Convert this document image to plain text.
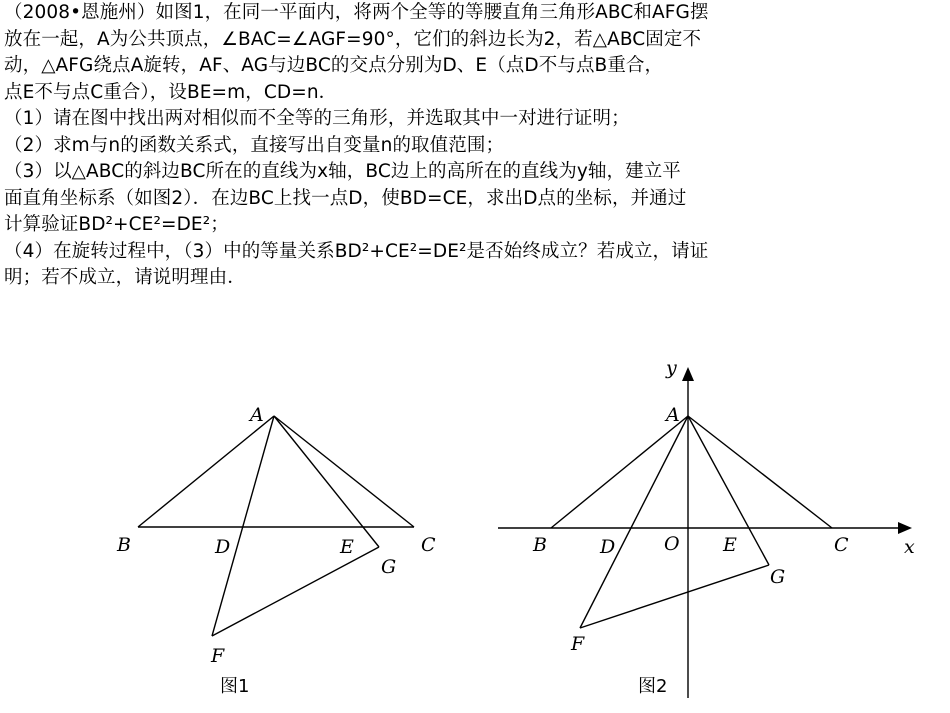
（2008•恩施州）如图1，在同一平面内，将两个全等的等腰直角三角形ABC和AFG摆

放在一起，A为公共顶点，∠BAC=∠AGF=90°，它们的斜边长为2，若△ABC固定不

动，△AFG绕点A旋转，AF、AG与边BC的交点分别为D、E（点D不与点B重合，

点E不与点C重合），设BE=m，CD=n．

（1）请在图中找出两对相似而不全等的三角形，并选取其中一对进行证明；

（2）求m与n的函数关系式，直接写出自变量n的取值范围；

（3）以△ABC的斜边BC所在的直线为x轴，BC边上的高所在的直线为y轴，建立平

面直角坐标系（如图2）．在边BC上找一点D，使BD=CE，求出D点的坐标，并通过

计算验证BD²+CE²=DE²；

（4）在旋转过程中，（3）中的等量关系BD²+CE²=DE²是否始终成立？若成立，请证

明；若不成立，请说明理由．

A
B	C
D	E
G
F
图1
y
A
B	D	O E	C	x
G
F
图2
